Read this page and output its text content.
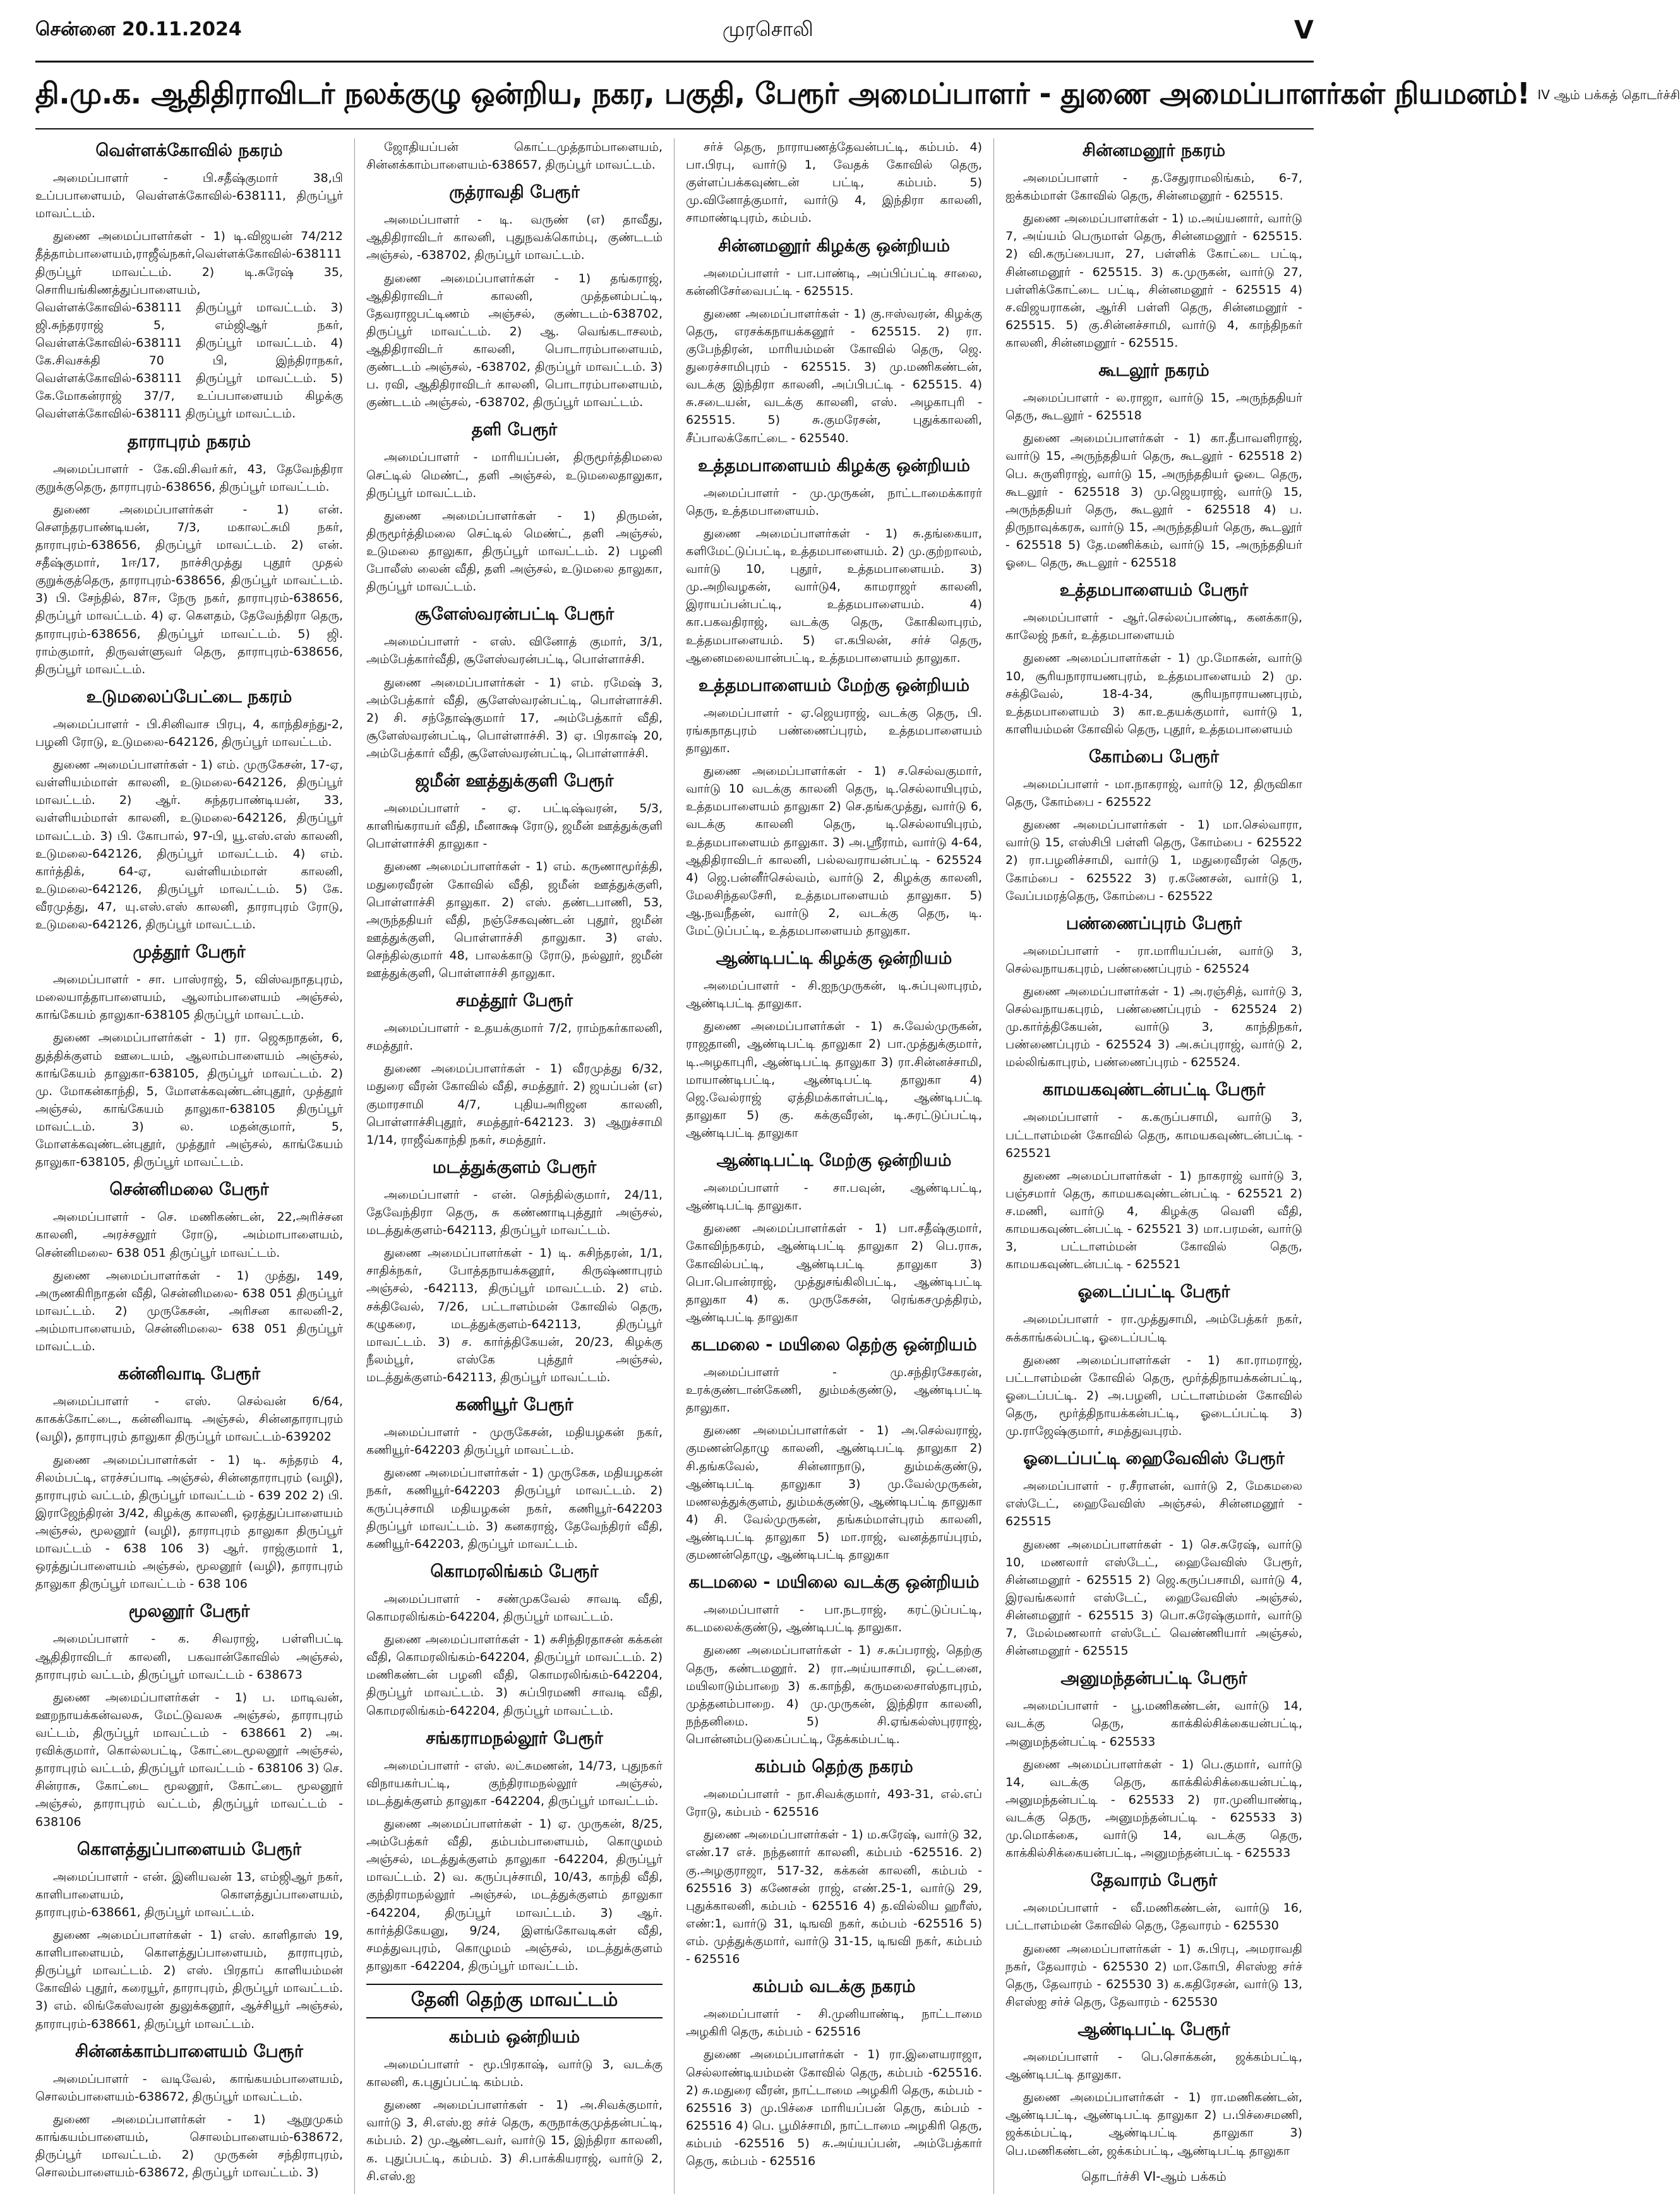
சென்னை 20.11.2024	முரசொலி	V
தி.மு.க. ஆதிதிராவிடர் நலக்குழு ஒன்றிய, நகர, பகுதி, பேரூர் அமைப்பாளர் - துணை அமைப்பாளர்கள் நியமனம்! IV ஆம் பக்கத் தொடர்ச்சி
வெள்ளக்கோவில் நகரம்

அமைப்பாளர் - பி.சதீஷ்குமார் 38,பி உப்பபாளையம், வெள்ளக்கோவில்-638111, திருப்பூர் மாவட்டம்.

துணை அமைப்பாளர்கள் - 1) டி.விஜயன் 74/212 தீத்தாம்பாளையம்,ராஜீவ்நகர்,வெள்ளக்கோவில்-638111 திருப்பூர் மாவட்டம். 2) டி.சுரேஷ் 35, சொரியங்கிணத்துப்பாளையம், வெள்ளக்கோவில்-638111 திருப்பூர் மாவட்டம். 3) ஜி.சுந்தரராஜ் 5, எம்ஜிஆர் நகர், வெள்ளக்கோவில்-638111 திருப்பூர் மாவட்டம். 4) கே.சிவசக்தி 70 பி, இந்திராநகர், வெள்ளக்கோவில்-638111 திருப்பூர் மாவட்டம். 5) கே.மோகன்ராஜ் 37/7, உப்பபாளையம் கிழக்கு வெள்ளக்கோவில்-638111 திருப்பூர் மாவட்டம்.

தாராபுரம் நகரம்

அமைப்பாளர் - கே.வி.சிவா்கர், 43, தேவேந்திரா குறுக்குதெரு, தாராபுரம்-638656, திருப்பூர் மாவட்டம்.

துணை அமைப்பாளர்கள் - 1) என். சௌந்தரபாண்டியன், 7/3, மகாலட்சுமி நகர், தாராபுரம்-638656, திருப்பூர் மாவட்டம். 2) என். சதீஷ்குமார், 1ஈ/17, நாச்சிமுத்து புதூர் முதல் குறுக்குத்தெரு, தாராபுரம்-638656, திருப்பூர் மாவட்டம். 3) பி. சேந்தில், 87ஈ, நேரு நகர், தாராபுரம்-638656, திருப்பூர் மாவட்டம். 4) ஏ. கௌதம், தேவேந்திரா தெரு, தாராபுரம்-638656, திருப்பூர் மாவட்டம். 5) ஜி. ராம்குமார், திருவள்ளுவர் தெரு, தாராபுரம்-638656, திருப்பூர் மாவட்டம்.

உடுமலைப்பேட்டை நகரம்

அமைப்பாளர் - பி.சினிவாச பிரபு, 4, காந்திசந்து-2, பழனி ரோடு, உடுமலை-642126, திருப்பூர் மாவட்டம்.

துணை அமைப்பாளர்கள் - 1) எம். முருகேசன், 17-ஏ, வள்ளியம்மாள் காலனி, உடுமலை-642126, திருப்பூர் மாவட்டம். 2) ஆர். சுந்தரபாண்டியன், 33, வள்ளியம்மாள் காலனி, உடுமலை-642126, திருப்பூர் மாவட்டம். 3) பி. கோபால், 97-பி, யூ.எஸ்.எஸ் காலனி, உடுமலை-642126, திருப்பூர் மாவட்டம். 4) எம். கார்த்திக், 64-ஏ, வள்ளியம்மாள் காலனி, உடுமலை-642126, திருப்பூர் மாவட்டம். 5) கே. வீரமுத்து, 47, யு.எஸ்.எஸ் காலனி, தாராபுரம் ரோடு, உடுமலை-642126, திருப்பூர் மாவட்டம்.

முத்தூர் பேரூர்

அமைப்பாளர் - சா. பாஸ்ராஜ், 5, விஸ்வநாதபுரம், மலையாத்தாபாளையம், ஆலாம்பாளையம் அஞ்சல், காங்கேயம் தாலுகா-638105 திருப்பூர் மாவட்டம்.

துணை அமைப்பாளர்கள் - 1) ரா. ஜெகநாதன், 6, துத்திக்குளம் ஊடையம், ஆலாம்பாளையம் அஞ்சல், காங்கேயம் தாலுகா-638105, திருப்பூர் மாவட்டம். 2) மு. மோகன்காந்தி, 5, மோளக்கவுண்டன்புதூர், முத்தூர் அஞ்சல், காங்கேயம் தாலுகா-638105 திருப்பூர் மாவட்டம். 3) ல. மதன்குமார், 5, மோளக்கவுண்டன்புதூர், முத்தூர் அஞ்சல், காங்கேயம் தாலுகா-638105, திருப்பூர் மாவட்டம்.

சென்னிமலை பேரூர்

அமைப்பாளர் - செ. மணிகண்டன், 22,அரிச்சன காலனி, அரச்சலூர் ரோடு, அம்மாபாளையம், சென்னிமலை- 638 051 திருப்பூர் மாவட்டம்.

துணை அமைப்பாளர்கள் - 1) முத்து, 149, அருணகிரிநாதன் வீதி, சென்னிமலை- 638 051 திருப்பூர் மாவட்டம். 2) முருகேசன், அரிசன காலனி-2, அம்மாபாளையம், சென்னிமலை- 638 051 திருப்பூர் மாவட்டம்.

கன்னிவாடி பேரூர்

அமைப்பாளர் - எஸ். செல்வன் 6/64, காகக்கோட்டை, கன்னிவாடி அஞ்சல், சின்னதாராபுரம் (வழி), தாராபுரம் தாலுகா திருப்பூர் மாவட்டம்-639202

துணை அமைப்பாளர்கள் - 1) டி. சுந்தரம் 4, சிலம்பட்டி, எரச்சப்பாடி அஞ்சல், சின்னதாராபுரம் (வழி), தாராபுரம் வட்டம், திருப்பூர் மாவட்டம் - 639 202 2) பி. இராஜேந்திரன் 3/42, கிழக்கு காலனி, ஒரத்துப்பாளையம் அஞ்சல், மூலனூர் (வழி), தாராபுரம் தாலுகா திருப்பூர் மாவட்டம் - 638 106 3) ஆர். ராஜ்குமார் 1, ஒரத்துப்பாளையம் அஞ்சல், மூலனூர் (வழி), தாராபுரம் தாலுகா திருப்பூர் மாவட்டம் - 638 106

மூலனூர் பேரூர்

அமைப்பாளர் - க. சிவராஜ், பள்ளிபட்டி ஆதிதிராவிடர் காலனி, பகவான்கோவில் அஞ்சல், தாராபுரம் வட்டம், திருப்பூர் மாவட்டம் - 638673

துணை அமைப்பாளர்கள் - 1) ப. மாடிவன், ஊறநாயக்கன்வலசு, மேட்டுவலசு அஞ்சல், தாராபுரம் வட்டம், திருப்பூர் மாவட்டம் - 638661 2) அ. ரவிக்குமார், கொல்லபட்டி, கோட்டைமூலனூர் அஞ்சல், தாராபுரம் வட்டம், திருப்பூர் மாவட்டம் - 638106 3) செ. சின்ராசு, கோட்டை மூலனூர், கோட்டை மூலனூர் அஞ்சல், தாராபுரம் வட்டம், திருப்பூர் மாவட்டம் - 638106

கொளத்துப்பாளையம் பேரூர்

அமைப்பாளர் - என். இனியவன் 13, எம்ஜிஆர் நகர், காளிபாளையம், கொளத்துப்பாளையம், தாராபுரம்-638661, திருப்பூர் மாவட்டம்.

துணை அமைப்பாளர்கள் - 1) எஸ். காளிதாஸ் 19, காளிபாளையம், கொளத்துப்பாளையம், தாராபுரம், திருப்பூர் மாவட்டம். 2) எஸ். பிரதாப் காளியம்மன் கோவில் புதூர், கரையூர், தாராபுரம், திருப்பூர் மாவட்டம். 3) எம். லிங்கேஸ்வரன் துலுக்கனூர், ஆச்சியூர் அஞ்சல், தாராபுரம்-638661, திருப்பூர் மாவட்டம்.

சின்னக்காம்பாளையம் பேரூர்

அமைப்பாளர் - வடிவேல், காங்கயம்பாளையம், சொலம்பாளையம்-638672, திருப்பூர் மாவட்டம்.

துணை அமைப்பாளர்கள் - 1) ஆறுமுகம் காங்கயம்பாளையம், சொலம்பாளையம்-638672, திருப்பூர் மாவட்டம். 2) முருகன் சந்திராபுரம், சொலம்பாளையம்-638672, திருப்பூர் மாவட்டம். 3)

ஜோதியப்பன் கொட்டமுத்தாம்பாளையம், சின்னக்காம்பாளையம்-638657, திருப்பூர் மாவட்டம்.

ருத்ராவதி பேரூர்

அமைப்பாளர் - டி. வருண் (எ) தாவீது, ஆதிதிராவிடர் காலனி, புதுநவக்கொம்பு, குண்டடம் அஞ்சல், -638702, திருப்பூர் மாவட்டம்.

துணை அமைப்பாளர்கள் - 1) தங்கராஜ், ஆதிதிராவிடர் காலனி, முத்தனம்பட்டி, தேவராஜபட்டிணம் அஞ்சல், குண்டடம்-638702, திருப்பூர் மாவட்டம். 2) ஆ. வெங்கடாசலம், ஆதிதிராவிடர் காலனி, பொடாரம்பாளையம், குண்டடம் அஞ்சல், -638702, திருப்பூர் மாவட்டம். 3) ப. ரவி, ஆதிதிராவிடர் காலனி, பொடாரம்பாளையம், குண்டடம் அஞ்சல், -638702, திருப்பூர் மாவட்டம்.

தளி பேரூர்

அமைப்பாளர் - மாரியப்பன், திருமூர்த்திமலை செட்டில் மெண்ட், தளி அஞ்சல், உடுமலைதாலுகா, திருப்பூர் மாவட்டம்.

துணை அமைப்பாளர்கள் - 1) திருமன், திருமூர்த்திமலை செட்டில் மெண்ட், தளி அஞ்சல், உடுமலை தாலுகா, திருப்பூர் மாவட்டம். 2) பழனி போலீஸ் லைன் வீதி, தளி அஞ்சல், உடுமலை தாலுகா, திருப்பூர் மாவட்டம்.

சூளேஸ்வரன்பட்டி பேரூர்

அமைப்பாளர் - எஸ். வினோத் குமார், 3/1, அம்பேத்கார்வீதி, சூளேஸ்வரன்பட்டி, பொள்ளாச்சி.

துணை அமைப்பாளர்கள் - 1) எம். ரமேஷ் 3, அம்பேத்கார் வீதி, சூளேஸ்வரன்பட்டி, பொள்ளாச்சி. 2) சி. சந்தோஷ்குமார் 17, அம்பேத்கார் வீதி, சூளேஸ்வரன்பட்டி, பொள்ளாச்சி. 3) ஏ. பிரகாஷ் 20, அம்பேத்கார் வீதி, சூளேஸ்வரன்பட்டி, பொள்ளாச்சி.

ஜமீன் ஊத்துக்குளி பேரூர்

அமைப்பாளர் - ஏ. பட்டிஷ்வரன், 5/3, காளிங்கராயர் வீதி, மீனாக்ஷ ரோடு, ஜமீன் ஊத்துக்குளி பொள்ளாச்சி தாலுகா -

துணை அமைப்பாளர்கள் - 1) எம். கருணாமூர்த்தி, மதுரைவீரன் கோவில் வீதி, ஜமீன் ஊத்துக்குளி, பொள்ளாச்சி தாலுகா. 2) எஸ். தண்டபாணி, 53, அருந்ததியர் வீதி, நஞ்சேகவுண்டன் புதூர், ஜமீன் ஊத்துக்குளி, பொள்ளாச்சி தாலுகா. 3) எஸ். செந்தில்குமார் 48, பாலக்காடு ரோடு, நல்லூர், ஜமீன் ஊத்துக்குளி, பொள்ளாச்சி தாலுகா.

சமத்தூர் பேரூர்

அமைப்பாளர் - உதயக்குமார் 7/2, ராம்நகர்காலனி, சமத்தூர்.

துணை அமைப்பாளர்கள் - 1) வீரமுத்து 6/32, மதுரை வீரன் கோவில் வீதி, சமத்தூர். 2) ஜயப்பன் (எ) குமாரசாமி 4/7, புதியஅரிஜன காலனி, பொள்ளாச்சிபுதூர், சமத்தூர்-642123. 3) ஆறுச்சாமி 1/14, ராஜீவ்காந்தி நகர், சமத்தூர்.

மடத்துக்குளம் பேரூர்

அமைப்பாளர் - என். செந்தில்குமார், 24/11, தேவேந்திரா தெரு, சு கண்ணாடிபுத்தூர் அஞ்சல், மடத்துக்குளம்-642113, திருப்பூர் மாவட்டம்.

துணை அமைப்பாளர்கள் - 1) டி. சுசிந்தரன், 1/1, சாதிக்நகர், போத்தநாயக்கனூர், கிருஷ்ணாபுரம் அஞ்சல், -642113, திருப்பூர் மாவட்டம். 2) எம். சக்திவேல், 7/26, பட்டாளம்மன் கோவில் தெரு, கழுகரை, மடத்துக்குளம்-642113, திருப்பூர் மாவட்டம். 3) ச. கார்த்திகேயன், 20/23, கிழக்கு நீலம்பூர், எஸ்கே புத்தூர் அஞ்சல், மடத்துக்குளம்-642113, திருப்பூர் மாவட்டம்.

கணியூர் பேரூர்

அமைப்பாளர் - முருகேசன், மதியழகன் நகர், கணியூர்-642203 திருப்பூர் மாவட்டம்.

துணை அமைப்பாளர்கள் - 1) முருகேசு, மதியழகன் நகர், கணியூர்-642203 திருப்பூர் மாவட்டம். 2) கருப்புச்சாமி மதியழகன் நகர், கணியூர்-642203 திருப்பூர் மாவட்டம். 3) கனகராஜ், தேவேந்திரர் வீதி, கணியூர்-642203, திருப்பூர் மாவட்டம்.

கொமரலிங்கம் பேரூர்

அமைப்பாளர் - சண்முகவேல் சாவடி வீதி, கொமரலிங்கம்-642204, திருப்பூர் மாவட்டம்.

துணை அமைப்பாளர்கள் - 1) சுசிந்திரதாசன் கக்கன் வீதி, கொமரலிங்கம்-642204, திருப்பூர் மாவட்டம். 2) மணிகண்டன் பழனி வீதி, கொமரலிங்கம்-642204, திருப்பூர் மாவட்டம். 3) சுப்பிரமணி சாவடி வீதி, கொமரலிங்கம்-642204, திருப்பூர் மாவட்டம்.

சங்கராமநல்லூர் பேரூர்

அமைப்பாளர் - எஸ். லட்சுமணன், 14/73, புதுநகர் விநாயகர்பட்டி, குந்திராமநல்லூர் அஞ்சல், மடத்துக்குளம் தாலுகா -642204, திருப்பூர் மாவட்டம்.

துணை அமைப்பாளர்கள் - 1) ஏ. முருகன், 8/25, அம்பேத்கர் வீதி, தம்பம்பாளையம், கொழுமம் அஞ்சல், மடத்துக்குளம் தாலுகா -642204, திருப்பூர் மாவட்டம். 2) வ. கருப்புச்சாமி, 10/43, காந்தி வீதி, குந்திராமநல்லூர் அஞ்சல், மடத்துக்குளம் தாலுகா -642204, திருப்பூர் மாவட்டம். 3) ஆர். கார்த்திகேயனு, 9/24, இளங்கோவடிகள் வீதி, சமத்துவபுரம், கொழுமம் அஞ்சல், மடத்துக்குளம் தாலுகா -642204, திருப்பூர் மாவட்டம்.

தேனி தெற்கு மாவட்டம்
கம்பம் ஒன்றியம்

அமைப்பாளர் - மூ.பிரகாஷ், வார்டு 3, வடக்கு காலனி, க.புதுப்பட்டி கம்பம்.

துணை அமைப்பாளர்கள் - 1) அ.சிவக்குமார், வார்டு 3, சி.எஸ்.ஐ சர்ச் தெரு, கருநாக்குமுத்தன்பட்டி, கம்பம். 2) மு.ஆண்டவர், வார்டு 15, இந்திரா காலனி, க. புதுப்பட்டி, கம்பம். 3) சி.பாக்கியராஜ், வார்டு 2, சி.எஸ்.ஐ

சர்ச் தெரு, நாராயணத்தேவன்பட்டி, கம்பம். 4) பா.பிரபு, வார்டு 1, வேதக் கோவில் தெரு, குள்ளப்பக்கவுண்டன் பட்டி, கம்பம். 5) மு.வினோத்குமார், வார்டு 4, இந்திரா காலனி, சாமாண்டிபுரம், கம்பம்.

சின்னமனூர் கிழக்கு ஒன்றியம்

அமைப்பாளர் - பா.பாண்டி, அப்பிப்பட்டி சாலை, கன்னிசேர்வைபட்டி - 625515.

துணை அமைப்பாளர்கள் - 1) கு.ஈஸ்வரன், கிழக்கு தெரு, எரசக்கநாயக்கனூர் - 625515. 2) ரா. குபேந்திரன், மாரியம்மன் கோவில் தெரு, ஜெ. துரைச்சாமிபுரம் - 625515. 3) மு.மணிகண்டன், வடக்கு இந்திரா காலனி, அப்பிபட்டி - 625515. 4) சு.சடையன், வடக்கு காலனி, எஸ். அழகாபுரி - 625515. 5) சு.குமரேசன், புதுக்காலனி, சீப்பாலக்கோட்டை - 625540.

உத்தமபாளையம் கிழக்கு ஒன்றியம்

அமைப்பாளர் - மு.முருகன், நாட்டாமைக்காரர் தெரு, உத்தமபாளையம்.

துணை அமைப்பாளர்கள் - 1) சு.தங்கையா, களிமேட்டுப்பட்டி, உத்தமபாளையம். 2) மு.குற்றாலம், வார்டு 10, புதூர், உத்தமபாளையம். 3) மு.அறிவழகன், வார்டு4, காமராஜர் காலனி, இராயப்பன்பட்டி, உத்தமபாளையம். 4) கா.பகவதிராஜ், வடக்கு தெரு, கோகிலாபுரம், உத்தமபாளையம். 5) எ.கபிலன், சர்ச் தெரு, ஆனைமலையான்பட்டி, உத்தமபாளையம் தாலுகா.

உத்தமபாளையம் மேற்கு ஒன்றியம்

அமைப்பாளர் - ஏ.ஜெயராஜ், வடக்கு தெரு, பி. ரங்கநாதபுரம் பண்ணைப்புரம், உத்தமபாளையம் தாலுகா.

துணை அமைப்பாளர்கள் - 1) ச.செல்வகுமார், வார்டு 10 வடக்கு காலனி தெரு, டி.செல்லாயிபுரம், உத்தமபாளையம் தாலுகா 2) செ.தங்கமுத்து, வார்டு 6, வடக்கு காலனி தெரு, டி.செல்லாயிபுரம், உத்தமபாளையம் தாலுகா. 3) அ.ஸ்ரீராம், வார்டு 4-64, ஆதிதிராவிடர் காலனி, பல்லவராயன்பட்டி - 625524 4) ஜெ.பன்னீர்செல்வம், வார்டு 2, கிழக்கு காலனி, மேலசிந்தலசேரி, உத்தமபாளையம் தாலுகா. 5) ஆ.நவநீதன், வார்டு 2, வடக்கு தெரு, டி. மேட்டுப்பட்டி, உத்தமபாளையம் தாலுகா.

ஆண்டிபட்டி கிழக்கு ஒன்றியம்

அமைப்பாளர் - சி.ஐநமுருகன், டி.சுப்புலாபுரம், ஆண்டிபட்டி தாலுகா.

துணை அமைப்பாளர்கள் - 1) சு.வேல்முருகன், ராஜதானி, ஆண்டிபட்டி தாலுகா 2) பா.முத்துக்குமார், டி.அழகாபுரி, ஆண்டிபட்டி தாலுகா 3) ரா.சின்னச்சாமி, மாயாண்டிபட்டி, ஆண்டிபட்டி தாலுகா 4) ஜெ.வேல்ராஜ் ஏத்திமக்காள்பட்டி, ஆண்டிபட்டி தாலுகா 5) கு. கக்குவீரன், டி.சுரட்டுப்பட்டி, ஆண்டிபட்டி தாலுகா

ஆண்டிபட்டி மேற்கு ஒன்றியம்

அமைப்பாளர் - சா.பவுன், ஆண்டிபட்டி, ஆண்டிபட்டி தாலுகா.

துணை அமைப்பாளர்கள் - 1) பா.சதீஷ்குமார், கோவிந்நகரம், ஆண்டிபட்டி தாலுகா 2) பெ.ராசு, கோவில்பட்டி, ஆண்டிபட்டி தாலுகா 3) பொ.பொன்ராஜ், முத்துசங்கிலிபட்டி, ஆண்டிபட்டி தாலுகா 4) க. முருகேசன், ரெங்கசமுத்திரம், ஆண்டிபட்டி தாலுகா

கடமலை - மயிலை தெற்கு ஒன்றியம்

அமைப்பாளர் - மு.சந்திரசேகரன், உரக்குண்டான்கேணி, தும்மக்குண்டு, ஆண்டிபட்டி தாலுகா.

துணை அமைப்பாளர்கள் - 1) அ.செல்வராஜ், குமணன்தொழு காலனி, ஆண்டிபட்டி தாலுகா 2) சி.தங்கவேல், சின்னாநாடு, தும்மக்குண்டு, ஆண்டிபட்டி தாலுகா 3) மு.வேல்முருகன், மணலத்துக்குளம், தும்மக்குண்டு, ஆண்டிபட்டி தாலுகா 4) சி. வேல்முருகன், தங்கம்மாள்புரம் காலனி, ஆண்டிபட்டி தாலுகா 5) மா.ராஜ், வனத்தாய்புரம், குமணன்தொழு, ஆண்டிபட்டி தாலுகா

கடமலை - மயிலை வடக்கு ஒன்றியம்

அமைப்பாளர் - பா.நடராஜ், கரட்டுப்பட்டி, கடமலைக்குண்டு, ஆண்டிபட்டி தாலுகா.

துணை அமைப்பாளர்கள் - 1) ச.சுப்பராஜ், தெற்கு தெரு, கண்டமனூர். 2) ரா.அய்யாசாமி, ஒட்டனை, மயிலாடும்பாறை 3) க.காந்தி, கருமலைசாஸ்தாபுரம், முத்தனம்பாறை. 4) மு.முருகன், இந்திரா காலனி, நந்தனிமை. 5) சி.ஏங்கல்ஸ்புரராஜ், பொன்னம்படுகைப்பட்டி, தேக்கம்பட்டி.

கம்பம் தெற்கு நகரம்

அமைப்பாளர் - நா.சிவக்குமார், 493-31, எல்.எப் ரோடு, கம்பம் - 625516

துணை அமைப்பாளர்கள் - 1) ம.சுரேஷ், வார்டு 32, எண்.17 எச். நந்தனார் காலனி, கம்பம் -625516. 2) கு.அழகுராஜா, 517-32, கக்கன் காலனி, கம்பம் - 625516 3) கணேசன் ராஜ், எண்.25-1, வார்டு 29, புதுக்காலனி, கம்பம் - 625516 4) த.வில்லிய ஹரீஸ், எண்:1, வார்டு 31, டிஙவி நகர், கம்பம் -625516 5) எம். முத்துக்குமார், வார்டு 31-15, டிஙவி நகர், கம்பம் - 625516

கம்பம் வடக்கு நகரம்

அமைப்பாளர் - சி.முனியாண்டி, நாட்டாமை அழகிரி தெரு, கம்பம் - 625516

துணை அமைப்பாளர்கள் - 1) ரா.இளையராஜா, செல்லாண்டியம்மன் கோவில் தெரு, கம்பம் -625516. 2) சு.மதுரை வீரன், நாட்டாமை அழகிரி தெரு, கம்பம் - 625516 3) மு.பிச்சை மாரியப்பன் தெரு, கம்பம் - 625516 4) பெ. பூமிச்சாமி, நாட்டாமை அழகிரி தெரு, கம்பம் -625516 5) சு.அய்யப்பன், அம்பேத்கார் தெரு, கம்பம் - 625516

சின்னமனூர் நகரம்

அமைப்பாளர் - த.சேதுராமலிங்கம், 6-7, ஐக்கம்மாள் கோவில் தெரு, சின்னமனூர் - 625515.

துணை அமைப்பாளர்கள் - 1) ம.அய்யனார், வார்டு 7, அய்யம் பெருமாள் தெரு, சின்னமனூர் - 625515. 2) வி.கருப்பையா, 27, பள்ளிக் கோட்டை பட்டி, சின்னமனூர் - 625515. 3) க.முருகன், வார்டு 27, பள்ளிக்கோட்டை பட்டி, சின்னமனூர் - 625515 4) ச.விஜயராகன், ஆர்சி பள்ளி தெரு, சின்னமனூர் - 625515. 5) கு.சின்னச்சாமி, வார்டு 4, காந்திநகர் காலனி, சின்னமனூர் - 625515.

கூடலூர் நகரம்

அமைப்பாளர் - ல.ராஜா, வார்டு 15, அருந்ததியர் தெரு, கூடலூர் - 625518

துணை அமைப்பாளர்கள் - 1) கா.தீபாவளிராஜ், வார்டு 15, அருந்ததியர் தெரு, கூடலூர் - 625518 2) பெ. சுருளிராஜ், வார்டு 15, அருந்ததியர் ஓடை தெரு, கூடலூர் - 625518 3) மு.ஜெயராஜ், வார்டு 15, அருந்ததியர் தெரு, கூடலூர் - 625518 4) ப. திருநாவுக்கரசு, வார்டு 15, அருந்ததியர் தெரு, கூடலூர் - 625518 5) தே.மணிக்கம், வார்டு 15, அருந்ததியர் ஓடை தெரு, கூடலூர் - 625518

உத்தமபாளையம் பேரூர்

அமைப்பாளர் - ஆர்.செல்லப்பாண்டி, கனக்காடு, காலேஜ் நகர், உத்தமபாளையம்

துணை அமைப்பாளர்கள் - 1) மு.மோகன், வார்டு 10, சூரியநாராயணபுரம், உத்தமபாளையம் 2) மு. சக்திவேல், 18-4-34, சூரியநாராயணபுரம், உத்தமபாளையம் 3) கா.உதயக்குமார், வார்டு 1, காளியம்மன் கோவில் தெரு, புதூர், உத்தமபாளையம்

கோம்பை பேரூர்

அமைப்பாளர் - மா.நாகராஜ், வார்டு 12, திருவிகா தெரு, கோம்பை - 625522

துணை அமைப்பாளர்கள் - 1) மா.செல்வாரா, வார்டு 15, எஸ்சிபி பள்ளி தெரு, கோம்பை - 625522 2) ரா.பழனிச்சாமி, வார்டு 1, மதுரைவீரன் தெரு, கோம்பை - 625522 3) ர.கணேசன், வார்டு 1, வேப்பமரத்தெரு, கோம்பை - 625522

பண்ணைப்புரம் பேரூர்

அமைப்பாளர் - ரா.மாரியப்பன், வார்டு 3, செல்வநாயகபுரம், பண்ணைப்புரம் - 625524

துணை அமைப்பாளர்கள் - 1) அ.ரஞ்சித், வார்டு 3, செல்வநாயகபுரம், பண்ணைப்புரம் - 625524 2) மு.கார்த்திகேயன், வார்டு 3, காந்திநகர், பண்ணைப்புரம் - 625524 3) அ.சுப்புராஜ், வார்டு 2, மல்லிங்காபுரம், பண்ணைப்புரம் - 625524.

காமயகவுண்டன்பட்டி பேரூர்

அமைப்பாளர் - க.கருப்பசாமி, வார்டு 3, பட்டாளம்மன் கோவில் தெரு, காமயகவுண்டன்பட்டி - 625521

துணை அமைப்பாளர்கள் - 1) நாகராஜ் வார்டு 3, பஞ்சமார் தெரு, காமயகவுண்டன்பட்டி - 625521 2) ச.மணி, வார்டு 4, கிழக்கு வெளி வீதி, காமயகவுண்டன்பட்டி - 625521 3) மா.பரமன், வார்டு 3, பட்டாளம்மன் கோவில் தெரு, காமயகவுண்டன்பட்டி - 625521

ஓடைப்பட்டி பேரூர்

அமைப்பாளர் - ரா.முத்துசாமி, அம்பேத்கர் நகர், சுக்காங்கல்பட்டி, ஓடைப்பட்டி

துணை அமைப்பாளர்கள் - 1) கா.ராமராஜ், பட்டாளம்மன் கோவில் தெரு, மூர்த்திநாயக்கன்பட்டி, ஓடைப்பட்டி. 2) அ.பழனி, பட்டாளம்மன் கோவில் தெரு, மூர்த்திநாயக்கன்பட்டி, ஓடைப்பட்டி 3) மு.ராஜேஷ்குமார், சமத்துவபுரம்.

ஓடைப்பட்டி ஹைவேவிஸ் பேரூர்

அமைப்பாளர் - ர.சீராளன், வார்டு 2, மேகமலை எஸ்டேட், ஹைவேவிஸ் அஞ்சல், சின்னமனூர் - 625515

துணை அமைப்பாளர்கள் - 1) செ.சுரேஷ், வார்டு 10, மணலார் எஸ்டேட், ஹைவேவிஸ் பேரூர், சின்னமனூர் - 625515 2) ஜெ.கருப்பசாமி, வார்டு 4, இரவங்கலார் எஸ்டேட், ஹைவேவிஸ் அஞ்சல், சின்னமனூர் - 625515 3) பொ.சுரேஷ்குமார், வார்டு 7, மேல்மணலார் எஸ்டேட் வெண்ணியார் அஞ்சல், சின்னமனூர் - 625515

அனுமந்தன்பட்டி பேரூர்

அமைப்பாளர் - பூ.மணிகண்டன், வார்டு 14, வடக்கு தெரு, காக்கில்சிக்கையன்பட்டி, அனுமந்தன்பட்டி - 625533

துணை அமைப்பாளர்கள் - 1) பெ.குமார், வார்டு 14, வடக்கு தெரு, காக்கில்சிக்கையன்பட்டி, அனுமந்தன்பட்டி - 625533 2) ரா.முனியாண்டி, வடக்கு தெரு, அனுமந்தன்பட்டி - 625533 3) மு.மொக்கை, வார்டு 14, வடக்கு தெரு, காக்கில்சிக்கையன்பட்டி, அனுமந்தன்பட்டி - 625533

தேவாரம் பேரூர்

அமைப்பாளர் - வீ.மணிகண்டன், வார்டு 16, பட்டாளம்மன் கோவில் தெரு, தேவாரம் - 625530

துணை அமைப்பாளர்கள் - 1) சு.பிரபு, அமராவதி நகர், தேவாரம் - 625530 2) மா.கோபி, சிஎஸ்ஐ சர்ச் தெரு, தேவாரம் - 625530 3) க.கதிரேசன், வார்டு 13, சிஎஸ்ஐ சர்ச் தெரு, தேவாரம் - 625530

ஆண்டிபட்டி பேரூர்

அமைப்பாளர் - பெ.சொக்கன், ஜக்கம்பட்டி, ஆண்டிபட்டி தாலுகா.

துணை அமைப்பாளர்கள் - 1) ரா.மணிகண்டன், ஆண்டிபட்டி, ஆண்டிபட்டி தாலுகா 2) ப.பிச்சைமணி, ஜக்கம்பட்டி, ஆண்டிபட்டி தாலுகா 3) பெ.மணிகண்டன், ஜக்கம்பட்டி, ஆண்டிபட்டி தாலுகா

தொடர்ச்சி VI-ஆம் பக்கம்
